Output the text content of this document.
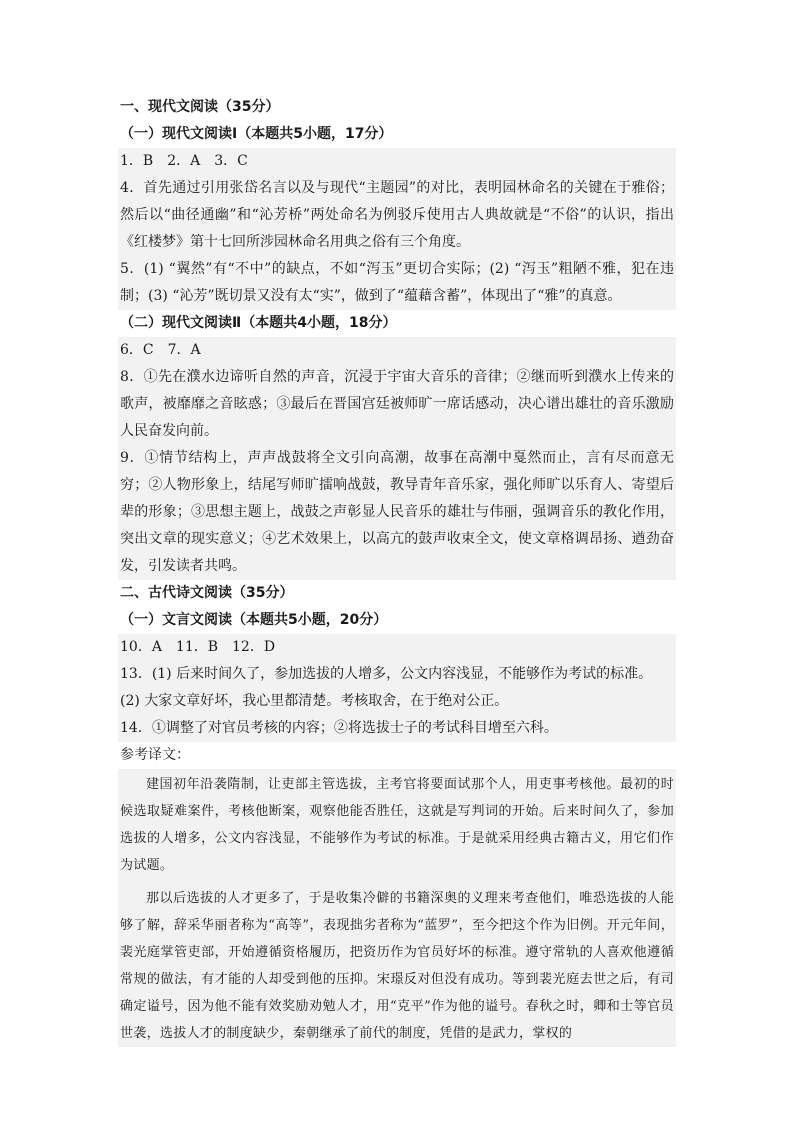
一、现代文阅读（35分）
（一）现代文阅读Ⅰ（本题共5小题，17分）
1．B　2．A　3．C
4．首先通过引用张岱名言以及与现代“主题园”的对比，表明园林命名的关键在于雅俗；然后以“曲径通幽”和“沁芳桥”两处命名为例驳斥使用古人典故就是“不俗”的认识，指出《红楼梦》第十七回所涉园林命名用典之俗有三个角度。
5．(1) “翼然”有“不中”的缺点，不如“泻玉”更切合实际；(2) “泻玉”粗陋不雅，犯在违制；(3) “沁芳”既切景又没有太“实”，做到了“蕴藉含蓄”，体现出了“雅”的真意。
（二）现代文阅读Ⅱ（本题共4小题，18分）
6．C　7．A
8．①先在濮水边谛听自然的声音，沉浸于宇宙大音乐的音律；②继而听到濮水上传来的歌声，被靡靡之音眩惑；③最后在晋国宫廷被师旷一席话感动，决心谱出雄壮的音乐激励人民奋发向前。
9．①情节结构上，声声战鼓将全文引向高潮，故事在高潮中戛然而止，言有尽而意无穷；②人物形象上，结尾写师旷擂响战鼓，教导青年音乐家，强化师旷以乐育人、寄望后辈的形象；③思想主题上，战鼓之声彰显人民音乐的雄壮与伟丽，强调音乐的教化作用，突出文章的现实意义；④艺术效果上，以高亢的鼓声收束全文，使文章格调昂扬、遒劲奋发，引发读者共鸣。
二、古代诗文阅读（35分）
（一）文言文阅读（本题共5小题，20分）
10．A　11．B　12．D
13．(1) 后来时间久了，参加选拔的人增多，公文内容浅显，不能够作为考试的标准。
(2) 大家文章好坏，我心里都清楚。考核取舍，在于绝对公正。
14．①调整了对官员考核的内容；②将选拔士子的考试科目增至六科。
参考译文：

建国初年沿袭隋制，让吏部主管选拔，主考官将要面试那个人，用吏事考核他。最初的时候选取疑难案件，考核他断案，观察他能否胜任，这就是写判词的开始。后来时间久了，参加选拔的人增多，公文内容浅显，不能够作为考试的标准。于是就采用经典古籍古义，用它们作为试题。

那以后选拔的人才更多了，于是收集冷僻的书籍深奥的义理来考查他们，唯恐选拔的人能够了解，辞采华丽者称为“高等”，表现拙劣者称为“蓝罗”，至今把这个作为旧例。开元年间，裴光庭掌管吏部，开始遵循资格履历，把资历作为官员好坏的标准。遵守常轨的人喜欢他遵循常规的做法，有才能的人却受到他的压抑。宋璟反对但没有成功。等到裴光庭去世之后，有司确定谥号，因为他不能有效奖励劝勉人才，用“克平”作为他的谥号。春秋之时，卿和士等官员世袭，选拔人才的制度缺少，秦朝继承了前代的制度，凭借的是武力，掌权的
